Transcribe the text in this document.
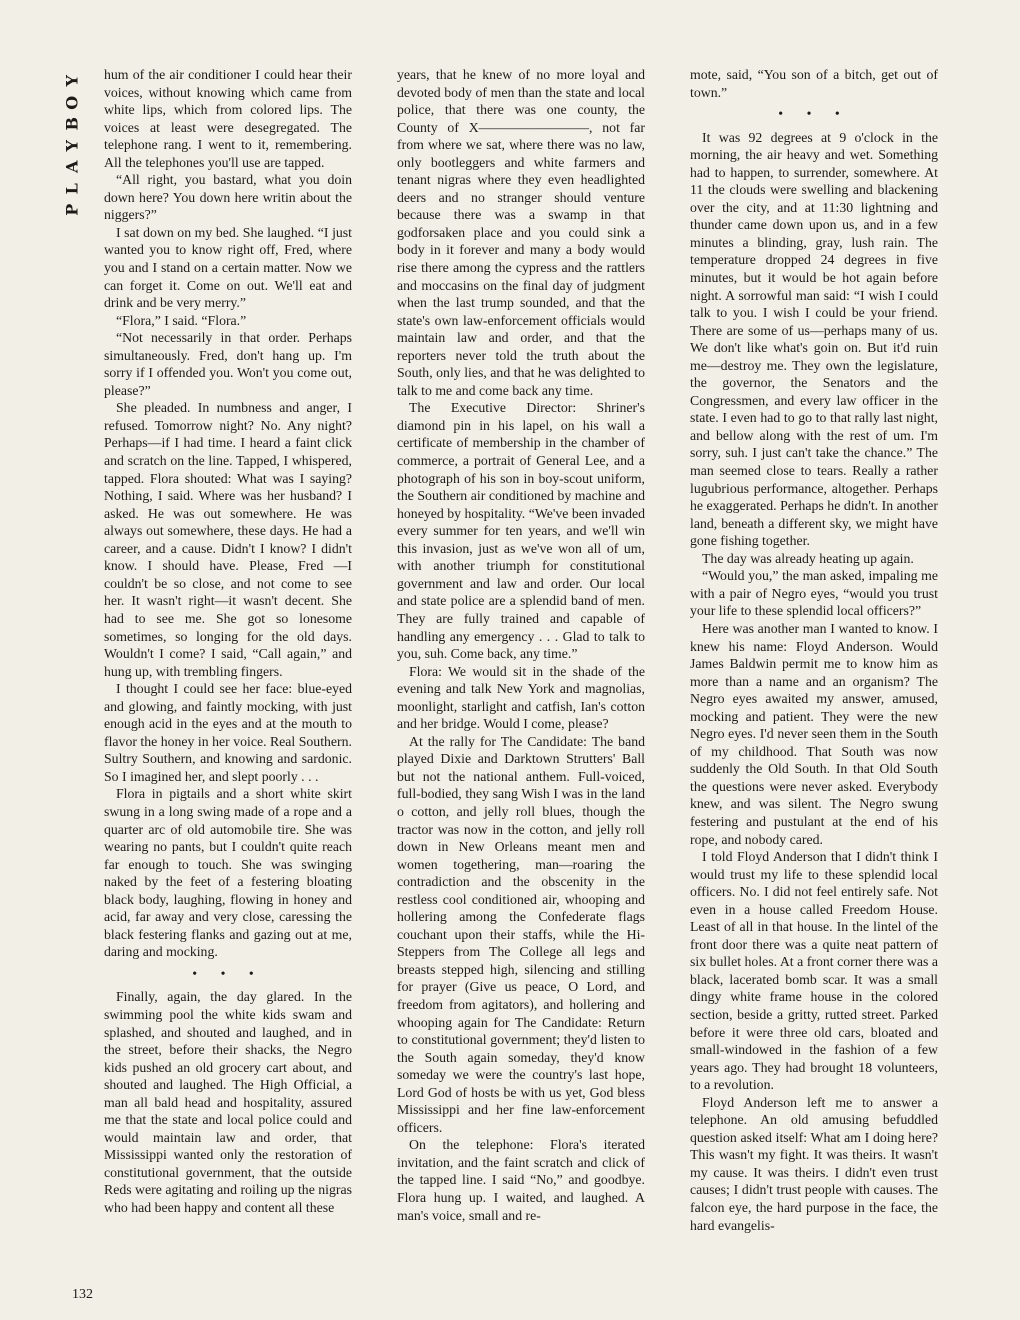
Y
O
B
Y
A
L
P
132

hum of the air conditioner I could hear their voices, without knowing which came from white lips, which from colored lips. The voices at least were desegregated. The telephone rang. I went to it, remembering. All the telephones you'll use are tapped.

“All right, you bastard, what you doin down here? You down here writin about the niggers?”

I sat down on my bed. She laughed. “I just wanted you to know right off, Fred, where you and I stand on a certain matter. Now we can forget it. Come on out. We'll eat and drink and be very merry.”

“Flora,” I said. “Flora.”

“Not necessarily in that order. Perhaps simultaneously. Fred, don't hang up. I'm sorry if I offended you. Won't you come out, please?”

She pleaded. In numbness and anger, I refused. Tomorrow night? No. Any night? Perhaps—if I had time. I heard a faint click and scratch on the line. Tapped, I whispered, tapped. Flora shouted: What was I saying? Nothing, I said. Where was her husband? I asked. He was out somewhere. He was always out somewhere, these days. He had a career, and a cause. Didn't I know? I didn't know. I should have. Please, Fred —I couldn't be so close, and not come to see her. It wasn't right—it wasn't decent. She had to see me. She got so lonesome sometimes, so longing for the old days. Wouldn't I come? I said, “Call again,” and hung up, with trembling fingers.

I thought I could see her face: blue-eyed and glowing, and faintly mocking, with just enough acid in the eyes and at the mouth to flavor the honey in her voice. Real Southern. Sultry Southern, and knowing and sardonic. So I imagined her, and slept poorly . . .

Flora in pigtails and a short white skirt swung in a long swing made of a rope and a quarter arc of old automobile tire. She was wearing no pants, but I couldn't quite reach far enough to touch. She was swinging naked by the feet of a festering bloating black body, laughing, flowing in honey and acid, far away and very close, caressing the black festering flanks and gazing out at me, daring and mocking.

• • •

Finally, again, the day glared. In the swimming pool the white kids swam and splashed, and shouted and laughed, and in the street, before their shacks, the Negro kids pushed an old grocery cart about, and shouted and laughed. The High Official, a man all bald head and hospitality, assured me that the state and local police could and would maintain law and order, that Mississippi wanted only the restoration of constitutional government, that the outside Reds were agitating and roiling up the nigras who had been happy and content all these

years, that he knew of no more loyal and devoted body of men than the state and local police, that there was one county, the County of X————————, not far from where we sat, where there was no law, only bootleggers and white farmers and tenant nigras where they even headlighted deers and no stranger should venture because there was a swamp in that godforsaken place and you could sink a body in it forever and many a body would rise there among the cypress and the rattlers and moccasins on the final day of judgment when the last trump sounded, and that the state's own law-enforcement officials would maintain law and order, and that the reporters never told the truth about the South, only lies, and that he was delighted to talk to me and come back any time.

The Executive Director: Shriner's diamond pin in his lapel, on his wall a certificate of membership in the chamber of commerce, a portrait of General Lee, and a photograph of his son in boy-scout uniform, the Southern air conditioned by machine and honeyed by hospitality. “We've been invaded every summer for ten years, and we'll win this invasion, just as we've won all of um, with another triumph for constitutional government and law and order. Our local and state police are a splendid band of men. They are fully trained and capable of handling any emergency . . . Glad to talk to you, suh. Come back, any time.”

Flora: We would sit in the shade of the evening and talk New York and magnolias, moonlight, starlight and catfish, Ian's cotton and her bridge. Would I come, please?

At the rally for The Candidate: The band played Dixie and Darktown Strutters' Ball but not the national anthem. Full-voiced, full-bodied, they sang Wish I was in the land o cotton, and jelly roll blues, though the tractor was now in the cotton, and jelly roll down in New Orleans meant men and women togethering, man—roaring the contradiction and the obscenity in the restless cool conditioned air, whooping and hollering among the Confederate flags couchant upon their staffs, while the Hi-Steppers from The College all legs and breasts stepped high, silencing and stilling for prayer (Give us peace, O Lord, and freedom from agitators), and hollering and whooping again for The Candidate: Return to constitutional government; they'd listen to the South again someday, they'd know someday we were the country's last hope, Lord God of hosts be with us yet, God bless Mississippi and her fine law-enforcement officers.

On the telephone: Flora's iterated invitation, and the faint scratch and click of the tapped line. I said “No,” and goodbye. Flora hung up. I waited, and laughed. A man's voice, small and re-

mote, said, “You son of a bitch, get out of town.”

• • •

It was 92 degrees at 9 o'clock in the morning, the air heavy and wet. Something had to happen, to surrender, somewhere. At 11 the clouds were swelling and blackening over the city, and at 11:30 lightning and thunder came down upon us, and in a few minutes a blinding, gray, lush rain. The temperature dropped 24 degrees in five minutes, but it would be hot again before night. A sorrowful man said: “I wish I could talk to you. I wish I could be your friend. There are some of us—perhaps many of us. We don't like what's goin on. But it'd ruin me—destroy me. They own the legislature, the governor, the Senators and the Congressmen, and every law officer in the state. I even had to go to that rally last night, and bellow along with the rest of um. I'm sorry, suh. I just can't take the chance.” The man seemed close to tears. Really a rather lugubrious performance, altogether. Perhaps he exaggerated. Perhaps he didn't. In another land, beneath a different sky, we might have gone fishing together.

The day was already heating up again.

“Would you,” the man asked, impaling me with a pair of Negro eyes, “would you trust your life to these splendid local officers?”

Here was another man I wanted to know. I knew his name: Floyd Anderson. Would James Baldwin permit me to know him as more than a name and an organism? The Negro eyes awaited my answer, amused, mocking and patient. They were the new Negro eyes. I'd never seen them in the South of my childhood. That South was now suddenly the Old South. In that Old South the questions were never asked. Everybody knew, and was silent. The Negro swung festering and pustulant at the end of his rope, and nobody cared.

I told Floyd Anderson that I didn't think I would trust my life to these splendid local officers. No. I did not feel entirely safe. Not even in a house called Freedom House. Least of all in that house. In the lintel of the front door there was a quite neat pattern of six bullet holes. At a front corner there was a black, lacerated bomb scar. It was a small dingy white frame house in the colored section, beside a gritty, rutted street. Parked before it were three old cars, bloated and small-windowed in the fashion of a few years ago. They had brought 18 volunteers, to a revolution.

Floyd Anderson left me to answer a telephone. An old amusing befuddled question asked itself: What am I doing here? This wasn't my fight. It was theirs. It wasn't my cause. It was theirs. I didn't even trust causes; I didn't trust people with causes. The falcon eye, the hard purpose in the face, the hard evangelis-
